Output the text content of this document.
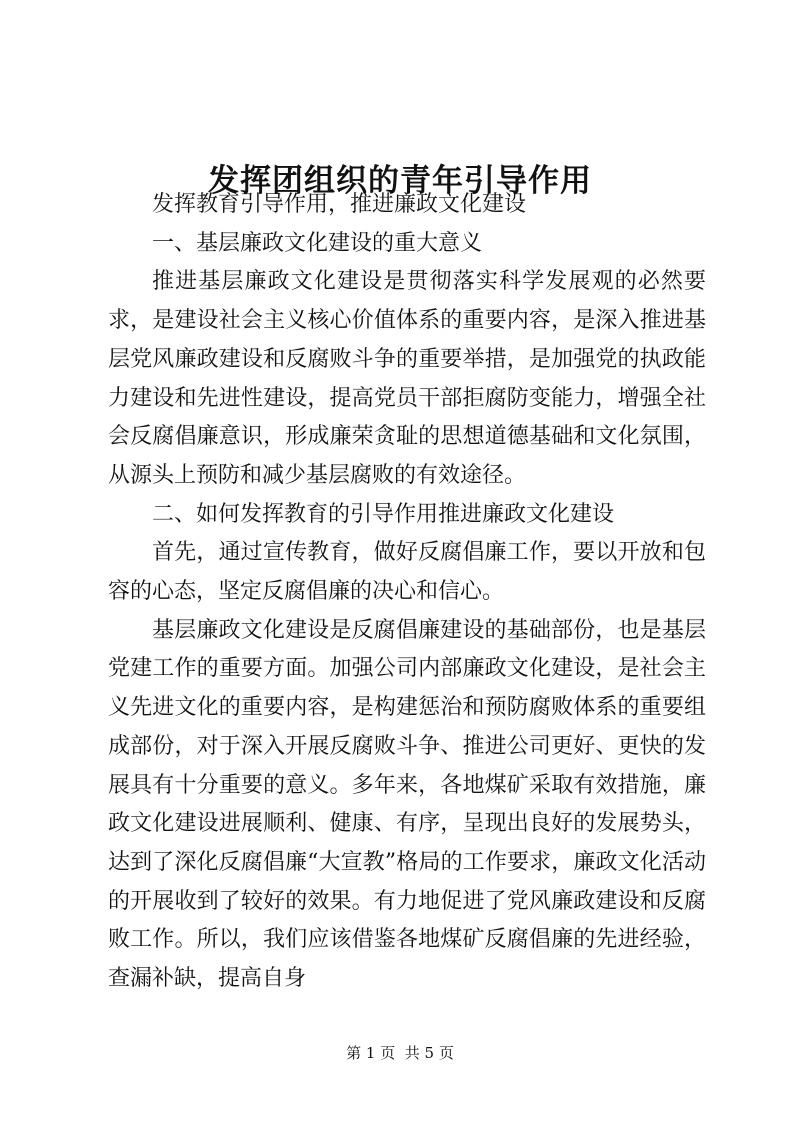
发挥团组织的青年引导作用

发挥教育引导作用，推进廉政文化建设

一、基层廉政文化建设的重大意义

推进基层廉政文化建设是贯彻落实科学发展观的必然要求，是建设社会主义核心价值体系的重要内容，是深入推进基层党风廉政建设和反腐败斗争的重要举措，是加强党的执政能力建设和先进性建设，提高党员干部拒腐防变能力，增强全社会反腐倡廉意识，形成廉荣贪耻的思想道德基础和文化氛围，从源头上预防和减少基层腐败的有效途径。

二、如何发挥教育的引导作用推进廉政文化建设

首先，通过宣传教育，做好反腐倡廉工作，要以开放和包容的心态，坚定反腐倡廉的决心和信心。

基层廉政文化建设是反腐倡廉建设的基础部份，也是基层党建工作的重要方面。加强公司内部廉政文化建设，是社会主义先进文化的重要内容，是构建惩治和预防腐败体系的重要组成部份，对于深入开展反腐败斗争、推进公司更好、更快的发展具有十分重要的意义。多年来，各地煤矿采取有效措施，廉政文化建设进展顺利、健康、有序，呈现出良好的发展势头，达到了深化反腐倡廉“大宣教”格局的工作要求，廉政文化活动的开展收到了较好的效果。有力地促进了党风廉政建设和反腐败工作。所以，我们应该借鉴各地煤矿反腐倡廉的先进经验，查漏补缺，提高自身

第 1 页  共 5 页
